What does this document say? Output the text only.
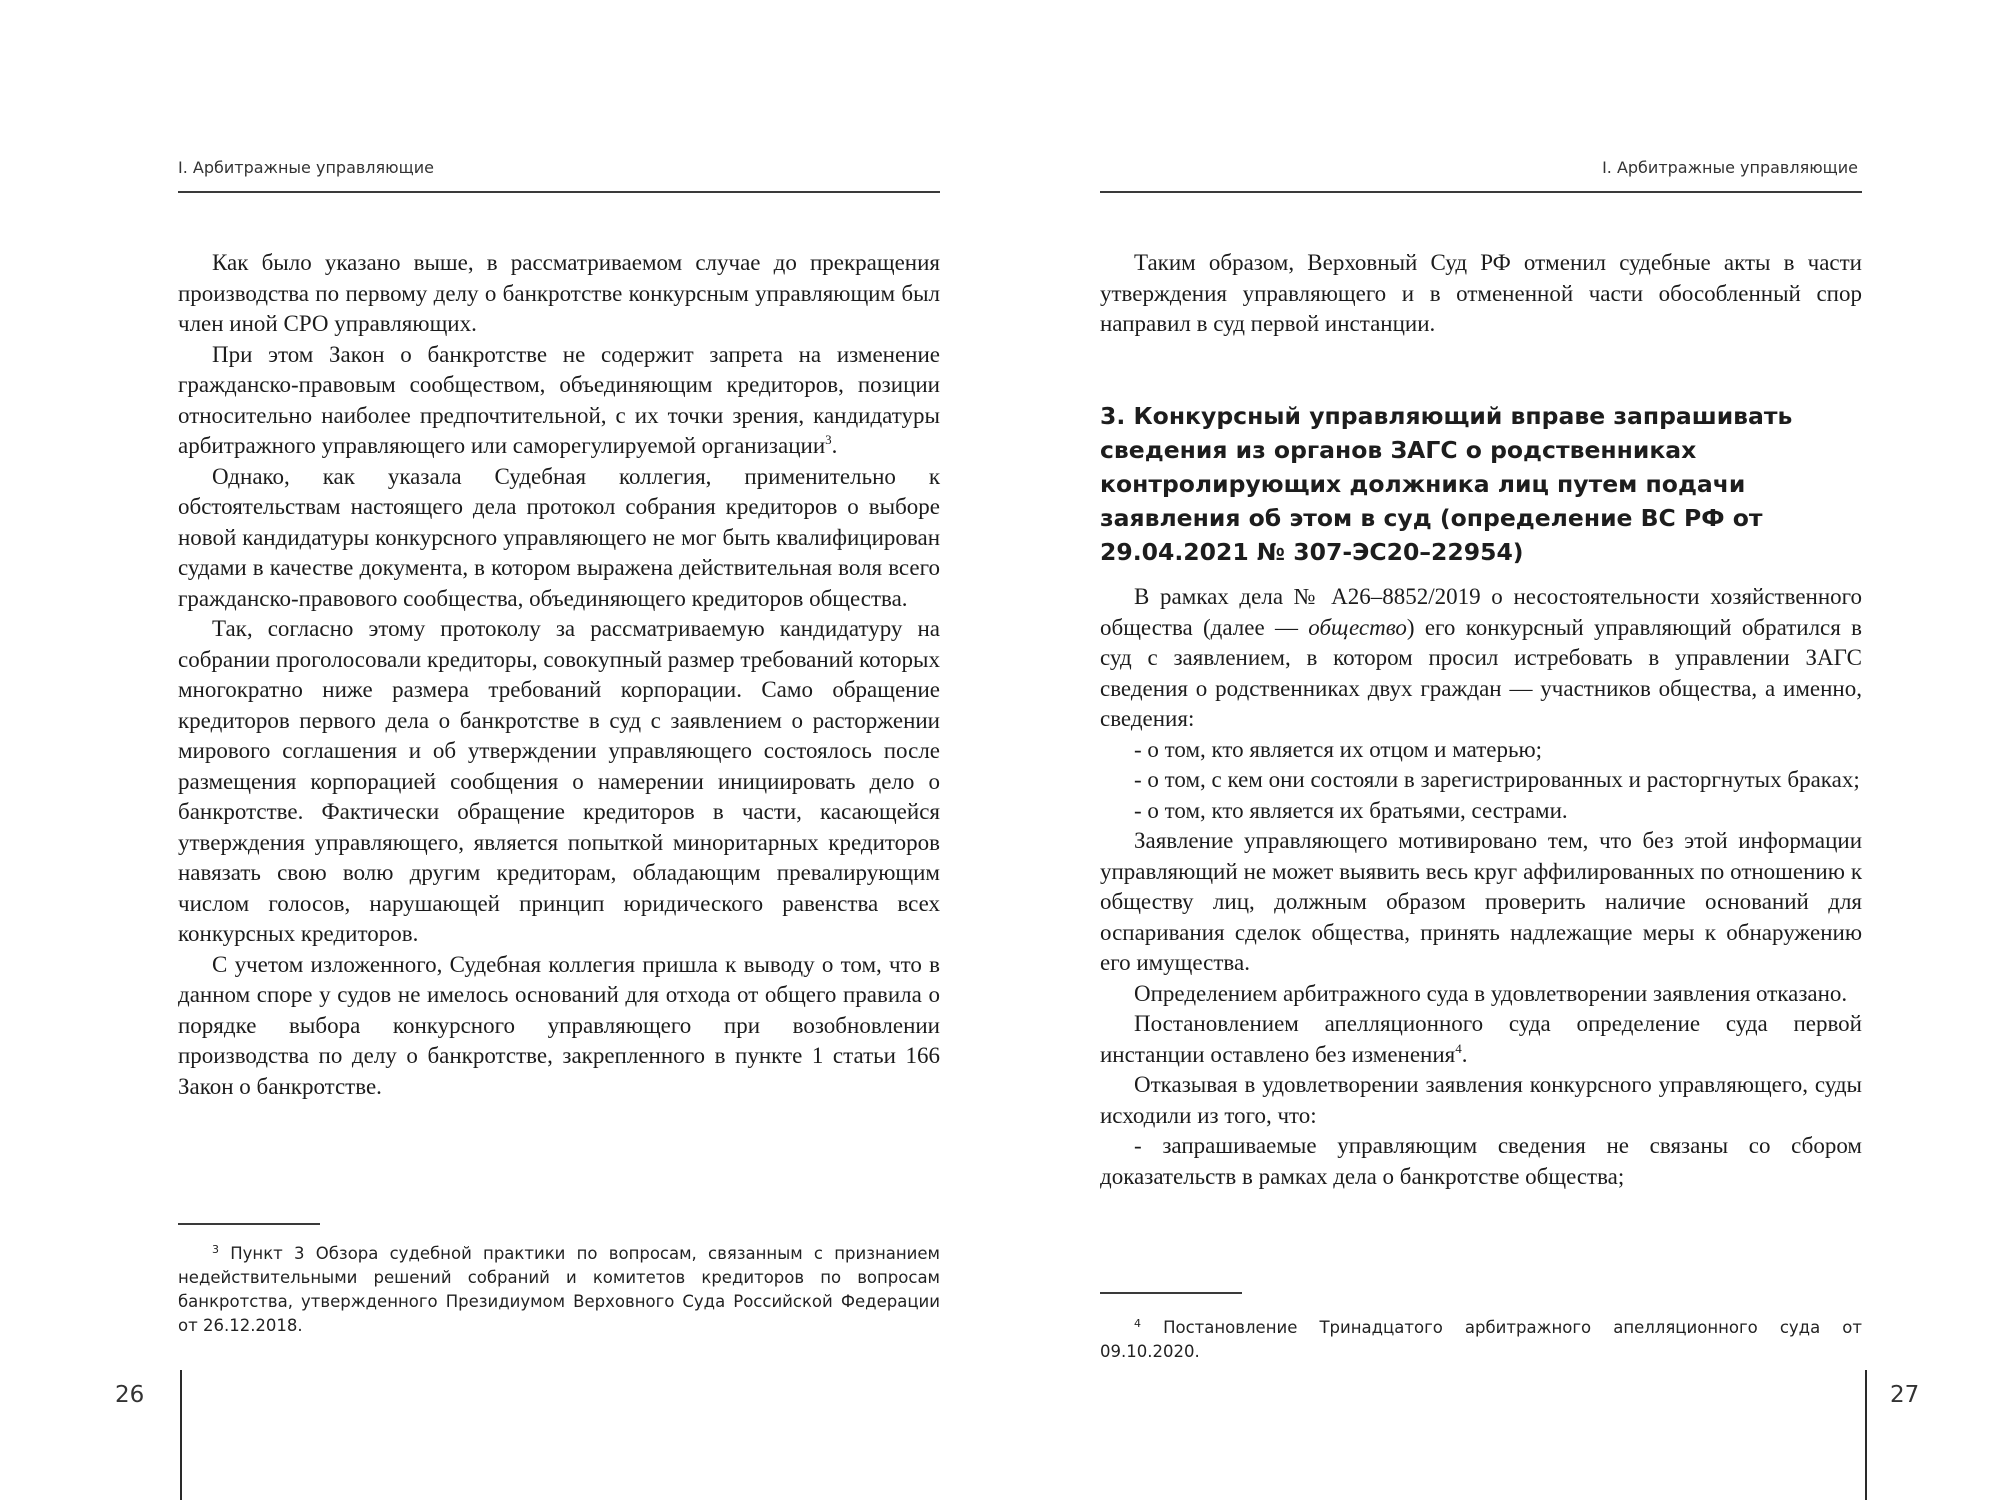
I. Арбитражные управляющие

Как было указано выше, в рассматриваемом случае до прекращения производства по первому делу о банкротстве конкурсным управляющим был член иной СРО управляющих.

При этом Закон о банкротстве не содержит запрета на изменение гражданско-правовым сообществом, объединяющим кредиторов, позиции относительно наиболее предпочтительной, с их точки зрения, кандидатуры арбитражного управляющего или саморегулируемой организации$^3$.

Однако, как указала Судебная коллегия, применительно к обстоятельствам настоящего дела протокол собрания кредиторов о выборе новой кандидатуры конкурсного управляющего не мог быть квалифицирован судами в качестве документа, в котором выражена действительная воля всего гражданско-правового сообщества, объединяющего кредиторов общества.

Так, согласно этому протоколу за рассматриваемую кандидатуру на собрании проголосовали кредиторы, совокупный размер требований которых многократно ниже размера требований корпорации. Само обращение кредиторов первого дела о банкротстве в суд с заявлением о расторжении мирового соглашения и об утверждении управляющего состоялось после размещения корпорацией сообщения о намерении инициировать дело о банкротстве. Фактически обращение кредиторов в части, касающейся утверждения управляющего, является попыткой миноритарных кредиторов навязать свою волю другим кредиторам, обладающим превалирующим числом голосов, нарушающей принцип юридического равенства всех конкурсных кредиторов.

С учетом изложенного, Судебная коллегия пришла к выводу о том, что в данном споре у судов не имелось оснований для отхода от общего правила о порядке выбора конкурсного управляющего при возобновлении производства по делу о банкротстве, закрепленного в пункте 1 статьи 166 Закон о банкротстве.

$^3$ Пункт 3 Обзора судебной практики по вопросам, связанным с признанием недействительными решений собраний и комитетов кредиторов по вопросам банкротства, утвержденного Президиумом Верховного Суда Российской Федерации от 26.12.2018.
26
I. Арбитражные управляющие

Таким образом, Верховный Суд РФ отменил судебные акты в части утверждения управляющего и в отмененной части обособленный спор направил в суд первой инстанции.

3. Конкурсный управляющий вправе запрашивать сведения из органов ЗАГС о родственниках контролирующих должника лиц путем подачи заявления об этом в суд (определение ВС РФ от 29.04.2021 № 307-ЭС20–22954)

В рамках дела № А26–8852/2019 о несостоятельности хозяйственного общества (далее — общество) его конкурсный управляющий обратился в суд с заявлением, в котором просил истребовать в управлении ЗАГС сведения о родственниках двух граждан — участников общества, а именно, сведения:

- о том, кто является их отцом и матерью;

- о том, с кем они состояли в зарегистрированных и расторгнутых браках;

- о том, кто является их братьями, сестрами.

Заявление управляющего мотивировано тем, что без этой информации управляющий не может выявить весь круг аффилированных по отношению к обществу лиц, должным образом проверить наличие оснований для оспаривания сделок общества, принять надлежащие меры к обнаружению его имущества.

Определением арбитражного суда в удовлетворении заявления отказано.

Постановлением апелляционного суда определение суда первой инстанции оставлено без изменения$^4$.

Отказывая в удовлетворении заявления конкурсного управляющего, суды исходили из того, что:

- запрашиваемые управляющим сведения не связаны со сбором доказательств в рамках дела о банкротстве общества;

$^4$ Постановление Тринадцатого арбитражного апелляционного суда от 09.10.2020.
27
